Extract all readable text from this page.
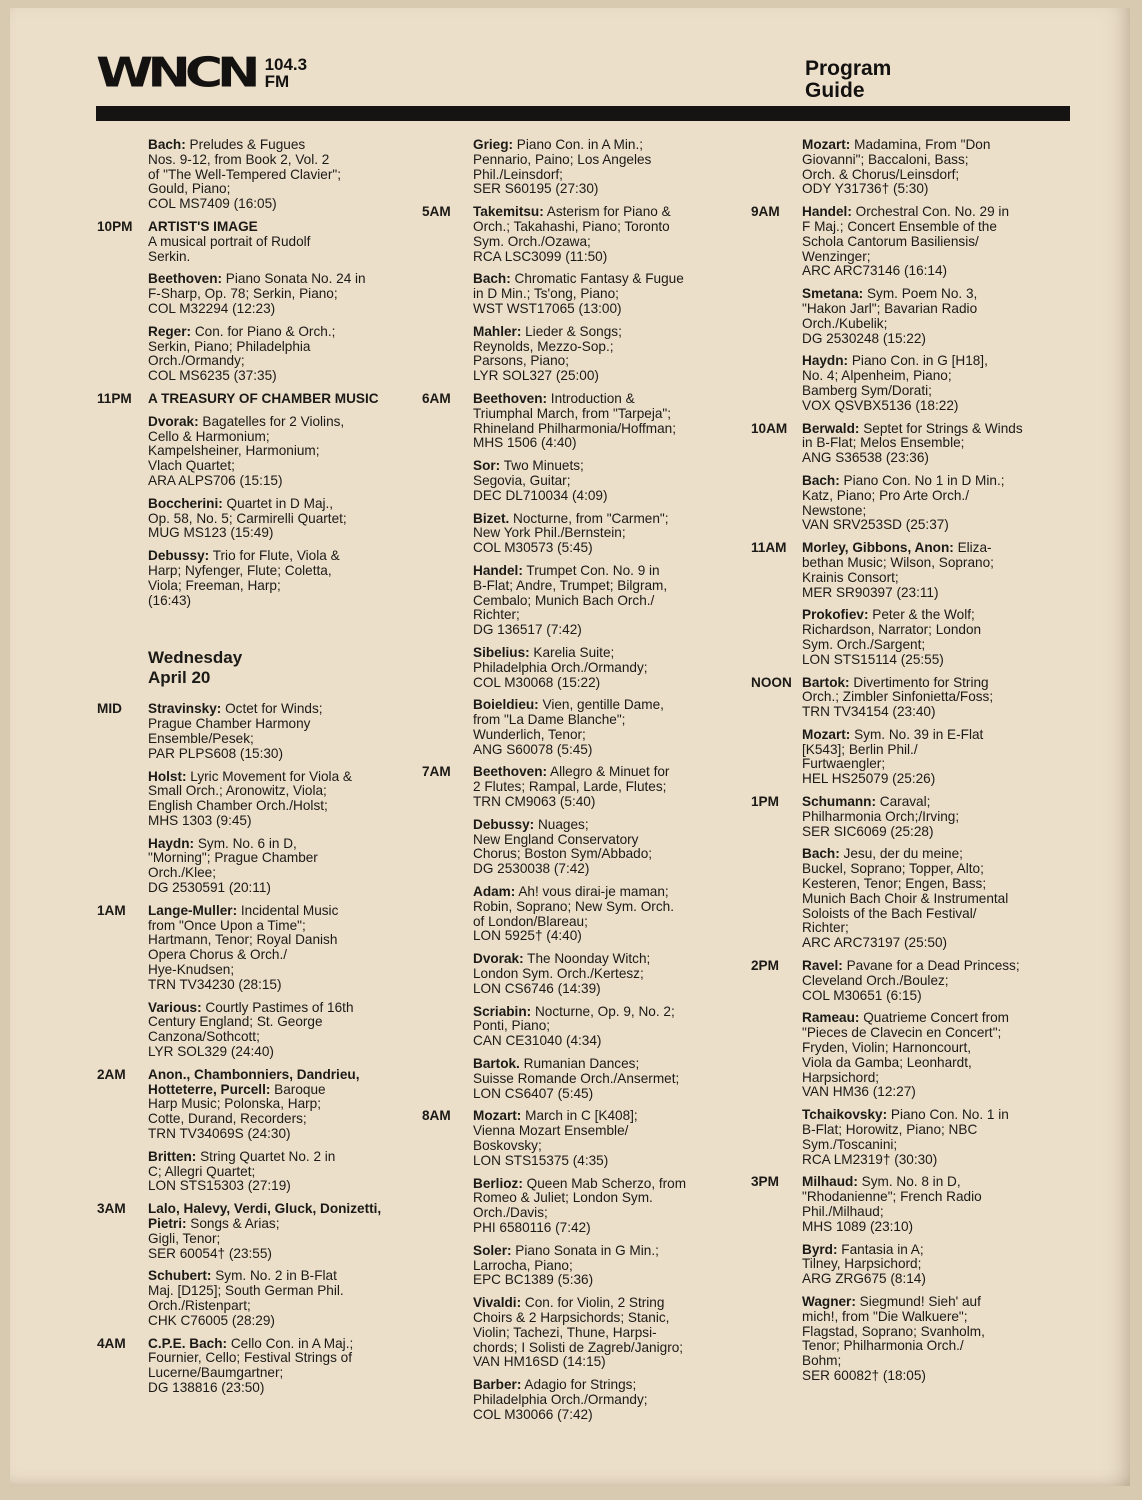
WNCN 104.3
FM
Program
Guide
Bach: Preludes & Fugues
Nos. 9-12, from Book 2, Vol. 2
of "The Well-Tempered Clavier";
Gould, Piano;
COL MS7409 (16:05)
10PM	ARTIST'S IMAGE
A musical portrait of Rudolf
Serkin.
Beethoven: Piano Sonata No. 24 in
F-Sharp, Op. 78; Serkin, Piano;
COL M32294 (12:23)
Reger: Con. for Piano & Orch.;
Serkin, Piano; Philadelphia
Orch./Ormandy;
COL MS6235 (37:35)
11PM	A TREASURY OF CHAMBER MUSIC
Dvorak: Bagatelles for 2 Violins,
Cello & Harmonium;
Kampelsheiner, Harmonium;
Vlach Quartet;
ARA ALPS706 (15:15)
Boccherini: Quartet in D Maj.,
Op. 58, No. 5; Carmirelli Quartet;
MUG MS123 (15:49)
Debussy: Trio for Flute, Viola &
Harp; Nyfenger, Flute; Coletta,
Viola; Freeman, Harp;
(16:43)
Wednesday
April 20
MID	Stravinsky: Octet for Winds;
Prague Chamber Harmony
Ensemble/Pesek;
PAR PLPS608 (15:30)
Holst: Lyric Movement for Viola &
Small Orch.; Aronowitz, Viola;
English Chamber Orch./Holst;
MHS 1303 (9:45)
Haydn: Sym. No. 6 in D,
"Morning"; Prague Chamber
Orch./Klee;
DG 2530591 (20:11)
1AM	Lange-Muller: Incidental Music
from "Once Upon a Time";
Hartmann, Tenor; Royal Danish
Opera Chorus & Orch./
Hye-Knudsen;
TRN TV34230 (28:15)
Various: Courtly Pastimes of 16th
Century England; St. George
Canzona/Sothcott;
LYR SOL329 (24:40)
2AM	Anon., Chambonniers, Dandrieu, Hotteterre, Purcell: Baroque
Harp Music; Polonska, Harp;
Cotte, Durand, Recorders;
TRN TV34069S (24:30)
Britten: String Quartet No. 2 in
C; Allegri Quartet;
LON STS15303 (27:19)
3AM	Lalo, Halevy, Verdi, Gluck, Donizetti, Pietri: Songs & Arias;
Gigli, Tenor;
SER 60054† (23:55)
Schubert: Sym. No. 2 in B-Flat
Maj. [D125]; South German Phil.
Orch./Ristenpart;
CHK C76005 (28:29)
4AM	C.P.E. Bach: Cello Con. in A Maj.;
Fournier, Cello; Festival Strings of
Lucerne/Baumgartner;
DG 138816 (23:50)
Grieg: Piano Con. in A Min.;
Pennario, Paino; Los Angeles
Phil./Leinsdorf;
SER S60195 (27:30)
5AM	Takemitsu: Asterism for Piano &
Orch.; Takahashi, Piano; Toronto
Sym. Orch./Ozawa;
RCA LSC3099 (11:50)
Bach: Chromatic Fantasy & Fugue
in D Min.; Ts'ong, Piano;
WST WST17065 (13:00)
Mahler: Lieder & Songs;
Reynolds, Mezzo-Sop.;
Parsons, Piano;
LYR SOL327 (25:00)
6AM	Beethoven: Introduction &
Triumphal March, from "Tarpeja";
Rhineland Philharmonia/Hoffman;
MHS 1506 (4:40)
Sor: Two Minuets;
Segovia, Guitar;
DEC DL710034 (4:09)
Bizet. Nocturne, from "Carmen";
New York Phil./Bernstein;
COL M30573 (5:45)
Handel: Trumpet Con. No. 9 in
B-Flat; Andre, Trumpet; Bilgram,
Cembalo; Munich Bach Orch./
Richter;
DG 136517 (7:42)
Sibelius: Karelia Suite;
Philadelphia Orch./Ormandy;
COL M30068 (15:22)
Boieldieu: Vien, gentille Dame,
from "La Dame Blanche";
Wunderlich, Tenor;
ANG S60078 (5:45)
7AM	Beethoven: Allegro & Minuet for
2 Flutes; Rampal, Larde, Flutes;
TRN CM9063 (5:40)
Debussy: Nuages;
New England Conservatory
Chorus; Boston Sym/Abbado;
DG 2530038 (7:42)
Adam: Ah! vous dirai-je maman;
Robin, Soprano; New Sym. Orch.
of London/Blareau;
LON 5925† (4:40)
Dvorak: The Noonday Witch;
London Sym. Orch./Kertesz;
LON CS6746 (14:39)
Scriabin: Nocturne, Op. 9, No. 2;
Ponti, Piano;
CAN CE31040 (4:34)
Bartok. Rumanian Dances;
Suisse Romande Orch./Ansermet;
LON CS6407 (5:45)
8AM	Mozart: March in C [K408];
Vienna Mozart Ensemble/
Boskovsky;
LON STS15375 (4:35)
Berlioz: Queen Mab Scherzo, from
Romeo & Juliet; London Sym.
Orch./Davis;
PHI 6580116 (7:42)
Soler: Piano Sonata in G Min.;
Larrocha, Piano;
EPC BC1389 (5:36)
Vivaldi: Con. for Violin, 2 String
Choirs & 2 Harpsichords; Stanic,
Violin; Tachezi, Thune, Harpsi-
chords; I Solisti de Zagreb/Janigro;
VAN HM16SD (14:15)
Barber: Adagio for Strings;
Philadelphia Orch./Ormandy;
COL M30066 (7:42)
Mozart: Madamina, From "Don
Giovanni"; Baccaloni, Bass;
Orch. & Chorus/Leinsdorf;
ODY Y31736† (5:30)
9AM	Handel: Orchestral Con. No. 29 in
F Maj.; Concert Ensemble of the
Schola Cantorum Basiliensis/
Wenzinger;
ARC ARC73146 (16:14)
Smetana: Sym. Poem No. 3,
"Hakon Jarl"; Bavarian Radio
Orch./Kubelik;
DG 2530248 (15:22)
Haydn: Piano Con. in G [H18],
No. 4; Alpenheim, Piano;
Bamberg Sym/Dorati;
VOX QSVBX5136 (18:22)
10AM	Berwald: Septet for Strings & Winds
in B-Flat; Melos Ensemble;
ANG S36538 (23:36)
Bach: Piano Con. No 1 in D Min.;
Katz, Piano; Pro Arte Orch./
Newstone;
VAN SRV253SD (25:37)
11AM	Morley, Gibbons, Anon: Eliza-
bethan Music; Wilson, Soprano;
Krainis Consort;
MER SR90397 (23:11)
Prokofiev: Peter & the Wolf;
Richardson, Narrator; London
Sym. Orch./Sargent;
LON STS15114 (25:55)
NOON Bartok: Divertimento for String
Orch.; Zimbler Sinfonietta/Foss;
TRN TV34154 (23:40)
Mozart: Sym. No. 39 in E-Flat
[K543]; Berlin Phil./
Furtwaengler;
HEL HS25079 (25:26)
1PM	Schumann: Caraval;
Philharmonia Orch;/Irving;
SER SIC6069 (25:28)
Bach: Jesu, der du meine;
Buckel, Soprano; Topper, Alto;
Kesteren, Tenor; Engen, Bass;
Munich Bach Choir & Instrumental
Soloists of the Bach Festival/
Richter;
ARC ARC73197 (25:50)
2PM	Ravel: Pavane for a Dead Princess;
Cleveland Orch./Boulez;
COL M30651 (6:15)
Rameau: Quatrieme Concert from
"Pieces de Clavecin en Concert";
Fryden, Violin; Harnoncourt,
Viola da Gamba; Leonhardt,
Harpsichord;
VAN HM36 (12:27)
Tchaikovsky: Piano Con. No. 1 in
B-Flat; Horowitz, Piano; NBC
Sym./Toscanini;
RCA LM2319† (30:30)
3PM	Milhaud: Sym. No. 8 in D,
"Rhodanienne"; French Radio
Phil./Milhaud;
MHS 1089 (23:10)
Byrd: Fantasia in A;
Tilney, Harpsichord;
ARG ZRG675 (8:14)
Wagner: Siegmund! Sieh' auf
mich!, from "Die Walkuere";
Flagstad, Soprano; Svanholm,
Tenor; Philharmonia Orch./
Bohm;
SER 60082† (18:05)
